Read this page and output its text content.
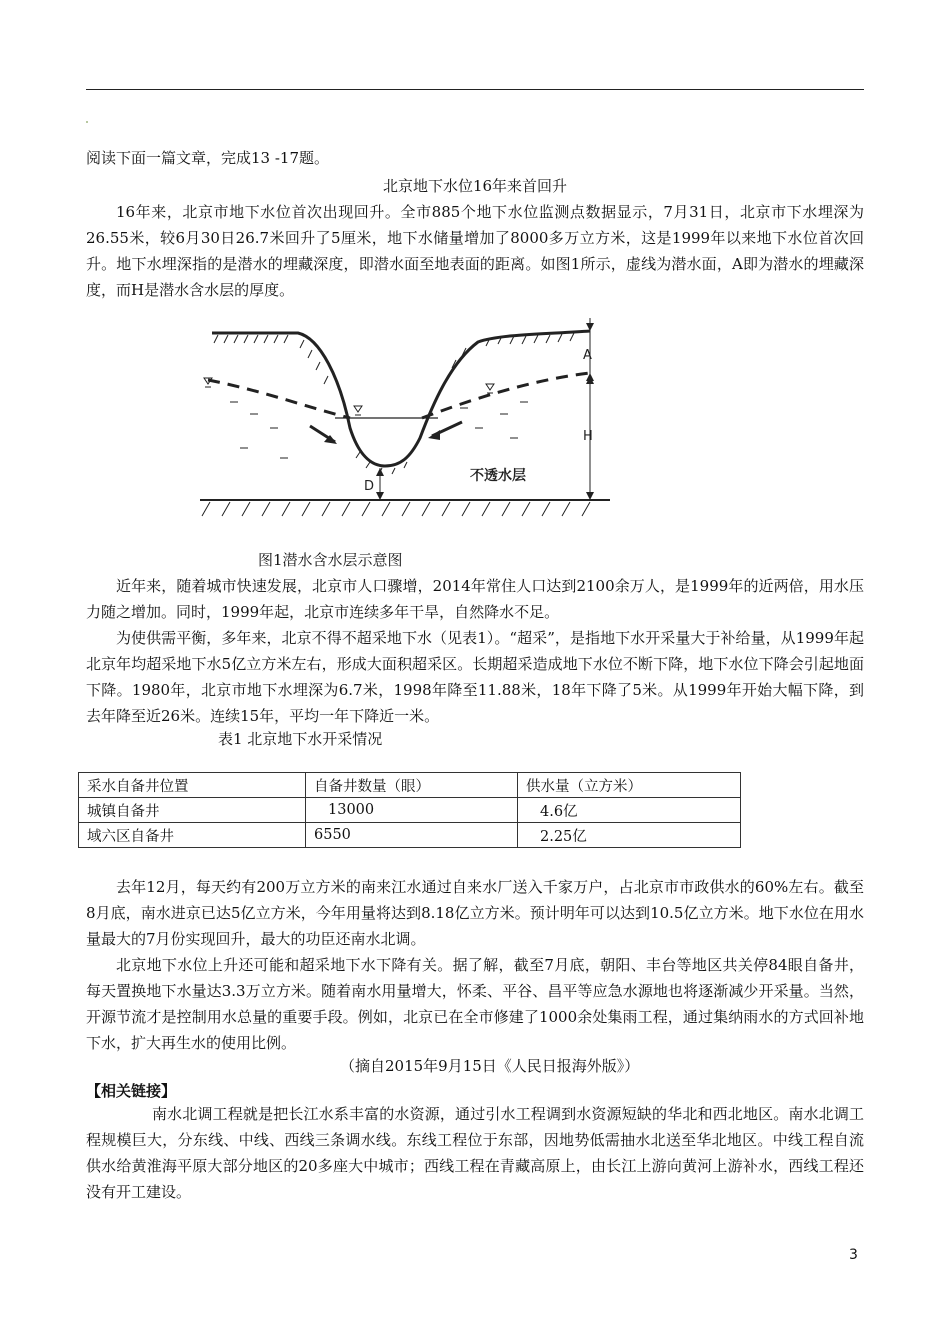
阅读下面一篇文章，完成13 -17题。
北京地下水位16年来首回升

16年来，北京市地下水位首次出现回升。全市885个地下水位监测点数据显示，7月31日，北京市下水埋深为26.55米，较6月30日26.7米回升了5厘米，地下水储量增加了8000多万立方米，这是1999年以来地下水位首次回升。地下水埋深指的是潜水的埋藏深度，即潜水面至地表面的距离。如图1所示，虚线为潜水面，A即为潜水的埋藏深度，而H是潜水含水层的厚度。

A
H
D
不透水层
图1潜水含水层示意图

近年来，随着城市快速发展，北京市人口骤增，2014年常住人口达到2100余万人，是1999年的近两倍，用水压力随之增加。同时，1999年起，北京市连续多年干旱，自然降水不足。

为使供需平衡，多年来，北京不得不超采地下水（见表1）。“超采”，是指地下水开采量大于补给量，从1999年起北京年均超采地下水5亿立方米左右，形成大面积超采区。长期超采造成地下水位不断下降，地下水位下降会引起地面下降。1980年，北京市地下水埋深为6.7米，1998年降至11.88米，18年下降了5米。从1999年开始大幅下降，到去年降至近26米。连续15年，平均一年下降近一米。

表1 北京地下水开采情况
采水自备井位置	自备井数量（眼）	供水量（立方米）
城镇自备井	13000	4.6亿
域六区自备井	6550	2.25亿

去年12月，每天约有200万立方米的南来江水通过自来水厂送入千家万户，占北京市市政供水的60%左右。截至8月底，南水进京已达5亿立方米，今年用量将达到8.18亿立方米。预计明年可以达到10.5亿立方米。地下水位在用水量最大的7月份实现回升，最大的功臣还南水北调。

北京地下水位上升还可能和超采地下水下降有关。据了解，截至7月底，朝阳、丰台等地区共关停84眼自备井，每天置换地下水量达3.3万立方米。随着南水用量增大，怀柔、平谷、昌平等应急水源地也将逐渐减少开采量。当然，开源节流才是控制用水总量的重要手段。例如，北京已在全市修建了1000余处集雨工程，通过集纳雨水的方式回补地下水，扩大再生水的使用比例。

（摘自2015年9月15日《人民日报海外版》）
【相关链接】

南水北调工程就是把长江水系丰富的水资源，通过引水工程调到水资源短缺的华北和西北地区。南水北调工程规模巨大，分东线、中线、西线三条调水线。东线工程位于东部，因地势低需抽水北送至华北地区。中线工程自流供水给黄淮海平原大部分地区的20多座大中城市；西线工程在青藏高原上，由长江上游向黄河上游补水，西线工程还没有开工建设。

3
